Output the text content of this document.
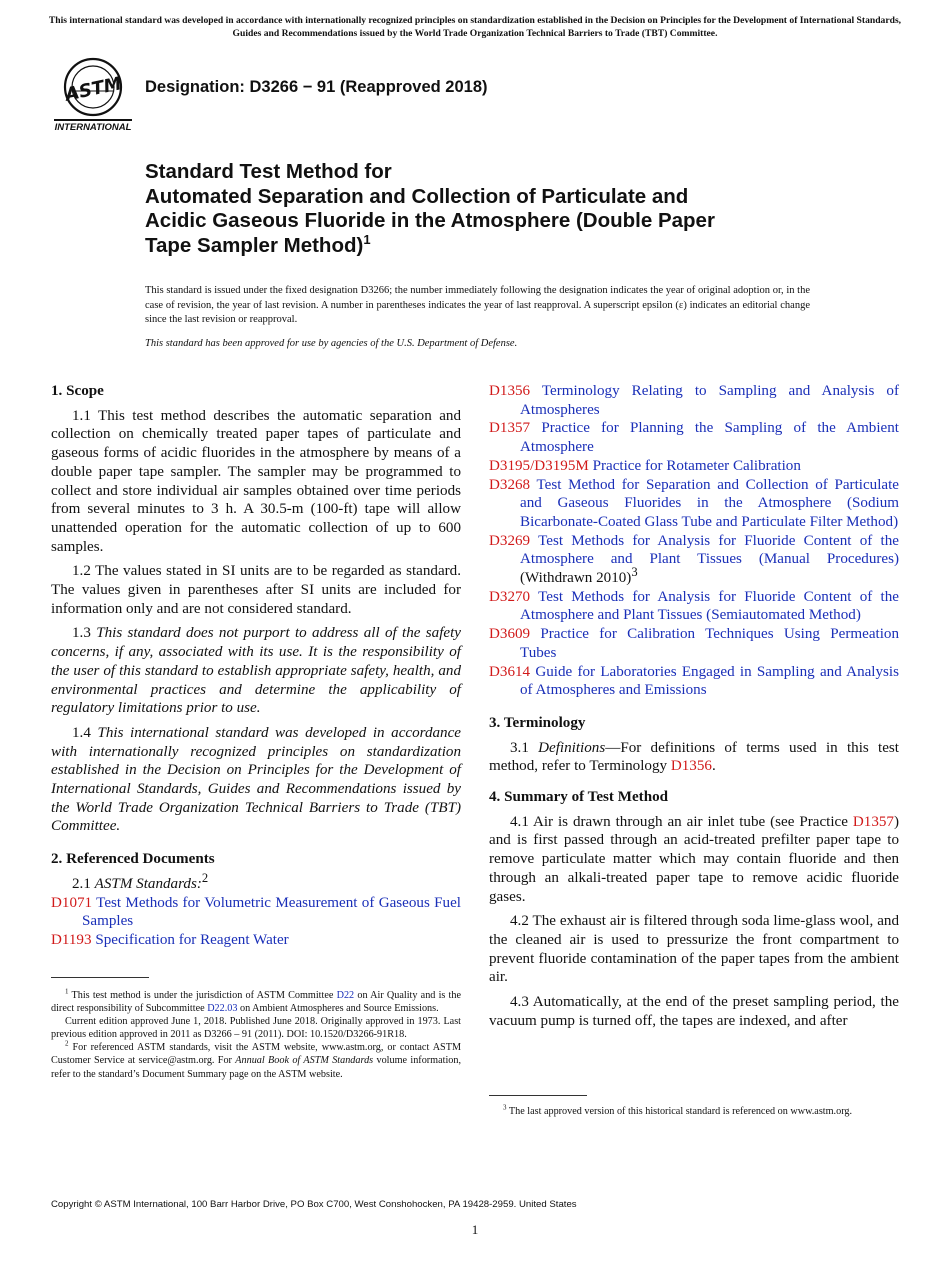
This international standard was developed in accordance with internationally recognized principles on standardization established in the Decision on Principles for the Development of International Standards, Guides and Recommendations issued by the World Trade Organization Technical Barriers to Trade (TBT) Committee.
ASTM
INTERNATIONAL
Designation: D3266 − 91 (Reapproved 2018)
Standard Test Method for
Automated Separation and Collection of Particulate and
Acidic Gaseous Fluoride in the Atmosphere (Double Paper
Tape Sampler Method)$^1$
This standard is issued under the fixed designation D3266; the number immediately following the designation indicates the year of original adoption or, in the case of revision, the year of last revision. A number in parentheses indicates the year of last reapproval. A superscript epsilon (ε) indicates an editorial change since the last revision or reapproval.
This standard has been approved for use by agencies of the U.S. Department of Defense.
1. Scope

1.1 This test method describes the automatic separation and collection on chemically treated paper tapes of particulate and gaseous forms of acidic fluorides in the atmosphere by means of a double paper tape sampler. The sampler may be programmed to collect and store individual air samples obtained over time periods from several minutes to 3 h. A 30.5-m (100-ft) tape will allow unattended operation for the automatic collection of up to 600 samples.

1.2 The values stated in SI units are to be regarded as standard. The values given in parentheses after SI units are included for information only and are not considered standard.

1.3 This standard does not purport to address all of the safety concerns, if any, associated with its use. It is the responsibility of the user of this standard to establish appropriate safety, health, and environmental practices and determine the applicability of regulatory limitations prior to use.

1.4 This international standard was developed in accordance with internationally recognized principles on standardization established in the Decision on Principles for the Development of International Standards, Guides and Recommendations issued by the World Trade Organization Technical Barriers to Trade (TBT) Committee.

2. Referenced Documents

2.1 ASTM Standards:$^2$

D1071 Test Methods for Volumetric Measurement of Gaseous Fuel Samples
D1193 Specification for Reagent Water

$^1$ This test method is under the jurisdiction of ASTM Committee D22 on Air Quality and is the direct responsibility of Subcommittee D22.03 on Ambient Atmospheres and Source Emissions.

Current edition approved June 1, 2018. Published June 2018. Originally approved in 1973. Last previous edition approved in 2011 as D3266 – 91 (2011). DOI: 10.1520/D3266-91R18.

$^2$ For referenced ASTM standards, visit the ASTM website, www.astm.org, or contact ASTM Customer Service at service@astm.org. For Annual Book of ASTM Standards volume information, refer to the standard’s Document Summary page on the ASTM website.

D1356 Terminology Relating to Sampling and Analysis of Atmospheres
D1357 Practice for Planning the Sampling of the Ambient Atmosphere
D3195/D3195M Practice for Rotameter Calibration
D3268 Test Method for Separation and Collection of Particulate and Gaseous Fluorides in the Atmosphere (Sodium Bicarbonate-Coated Glass Tube and Particulate Filter Method)
D3269 Test Methods for Analysis for Fluoride Content of the Atmosphere and Plant Tissues (Manual Procedures) (Withdrawn 2010)$^3$
D3270 Test Methods for Analysis for Fluoride Content of the Atmosphere and Plant Tissues (Semiautomated Method)
D3609 Practice for Calibration Techniques Using Permeation Tubes
D3614 Guide for Laboratories Engaged in Sampling and Analysis of Atmospheres and Emissions
3. Terminology

3.1 Definitions—For definitions of terms used in this test method, refer to Terminology D1356.

4. Summary of Test Method

4.1 Air is drawn through an air inlet tube (see Practice D1357) and is first passed through an acid-treated prefilter paper tape to remove particulate matter which may contain fluoride and then through an alkali-treated paper tape to remove acidic fluoride gases.

4.2 The exhaust air is filtered through soda lime-glass wool, and the cleaned air is used to pressurize the front compartment to prevent fluoride contamination of the paper tapes from the ambient air.

4.3 Automatically, at the end of the preset sampling period, the vacuum pump is turned off, the tapes are indexed, and after

$^3$ The last approved version of this historical standard is referenced on www.astm.org.

Copyright © ASTM International, 100 Barr Harbor Drive, PO Box C700, West Conshohocken, PA 19428-2959. United States
1
